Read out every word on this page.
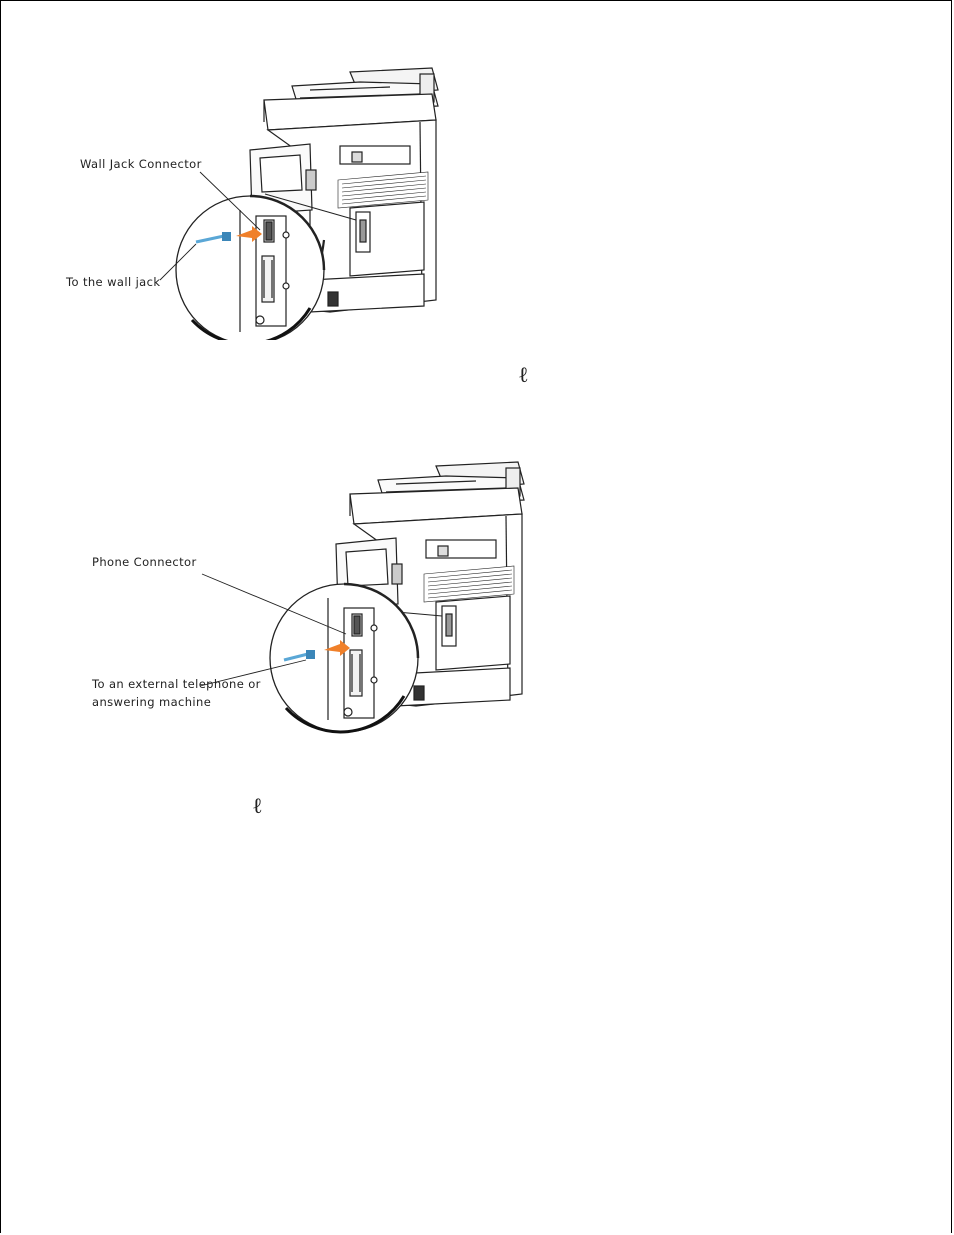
Wall Jack Connector
To the wall jack
ℓ
Phone Connector
To an external telephone or
answering machine
ℓ
